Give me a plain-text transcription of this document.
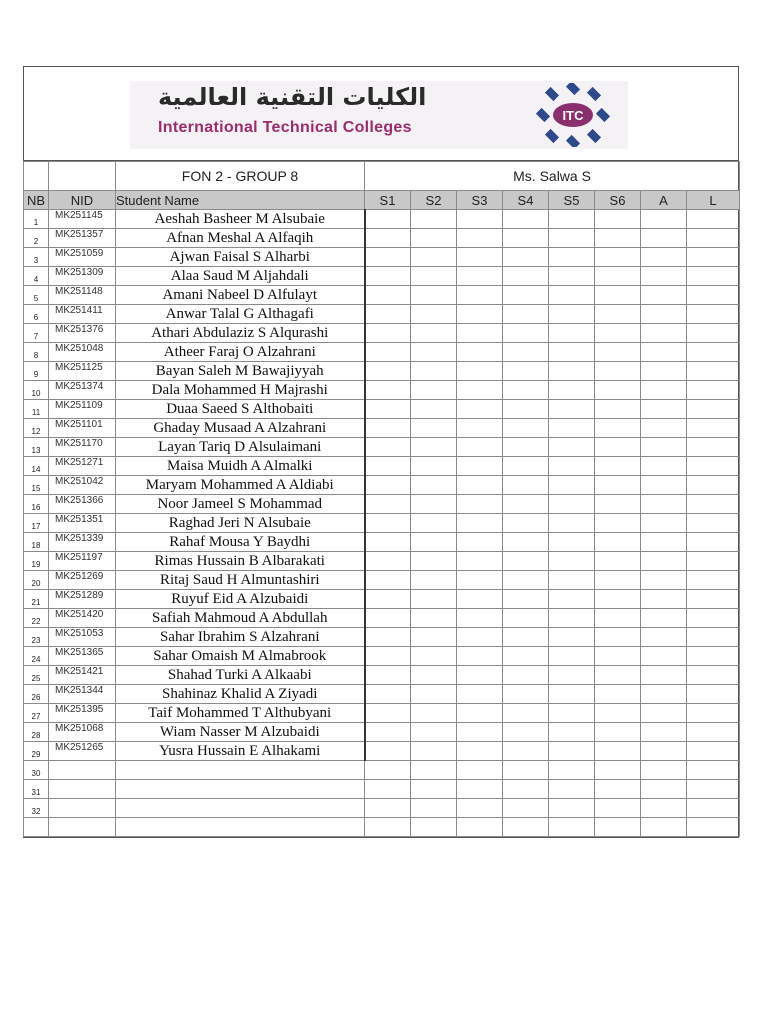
الكليات التقنية العالمية
International Technical Colleges
ITC
		FON 2 - GROUP 8	Ms. Salwa S							
NB	NID	Student Name	S1	S2	S3	S4	S5	S6	A	L
1	MK251145	Aeshah Basheer M Alsubaie								
2	MK251357	Afnan Meshal A Alfaqih								
3	MK251059	Ajwan Faisal S Alharbi								
4	MK251309	Alaa Saud M Aljahdali								
5	MK251148	Amani Nabeel D Alfulayt								
6	MK251411	Anwar Talal G Althagafi								
7	MK251376	Athari Abdulaziz S Alqurashi								
8	MK251048	Atheer Faraj O Alzahrani								
9	MK251125	Bayan Saleh M Bawajiyyah								
10	MK251374	Dala Mohammed H Majrashi								
11	MK251109	Duaa Saeed S Althobaiti								
12	MK251101	Ghaday Musaad A Alzahrani								
13	MK251170	Layan Tariq D Alsulaimani								
14	MK251271	Maisa Muidh A Almalki								
15	MK251042	Maryam Mohammed A Aldiabi								
16	MK251366	Noor Jameel S Mohammad								
17	MK251351	Raghad Jeri N Alsubaie								
18	MK251339	Rahaf Mousa Y Baydhi								
19	MK251197	Rimas Hussain B Albarakati								
20	MK251269	Ritaj Saud H Almuntashiri								
21	MK251289	Ruyuf Eid A Alzubaidi								
22	MK251420	Safiah Mahmoud A Abdullah								
23	MK251053	Sahar Ibrahim S Alzahrani								
24	MK251365	Sahar Omaish M Almabrook								
25	MK251421	Shahad Turki A Alkaabi								
26	MK251344	Shahinaz Khalid A Ziyadi								
27	MK251395	Taif Mohammed T Althubyani								
28	MK251068	Wiam Nasser M Alzubaidi								
29	MK251265	Yusra Hussain E Alhakami								
30										
31										
32										
